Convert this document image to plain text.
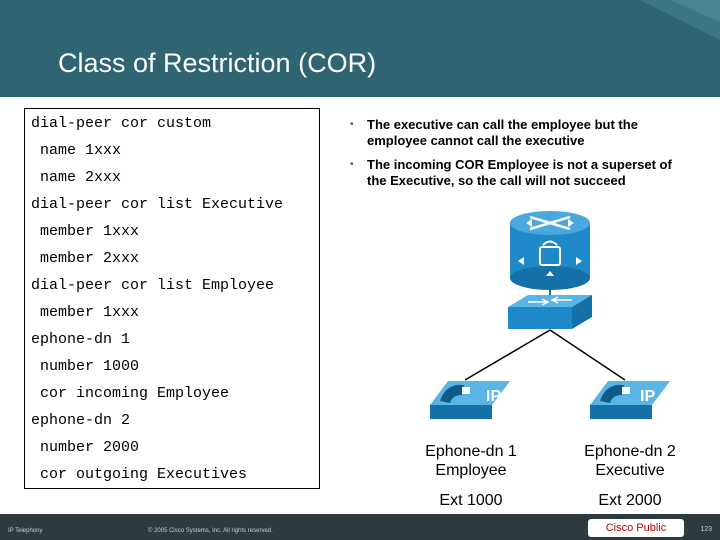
Class of Restriction (COR)
dial-peer cor custom
name 1xxx
name 2xxx
dial-peer cor list Executive
member 1xxx
member 2xxx
dial-peer cor list Employee
member 1xxx
ephone-dn 1
number 1000
cor incoming Employee
ephone-dn 2
number 2000
cor outgoing Executives
• The executive can call the employee but the employee cannot call the executive
• The incoming COR Employee is not a superset of the Executive, so the call will not succeed
IP	IP
Ephone-dn 1
Employee
Ephone-dn 2
Executive
Ext 1000	Ext 2000
IP Telephony	© 2005 Cisco Systems, Inc. All rights reserved.	Cisco Public	123
